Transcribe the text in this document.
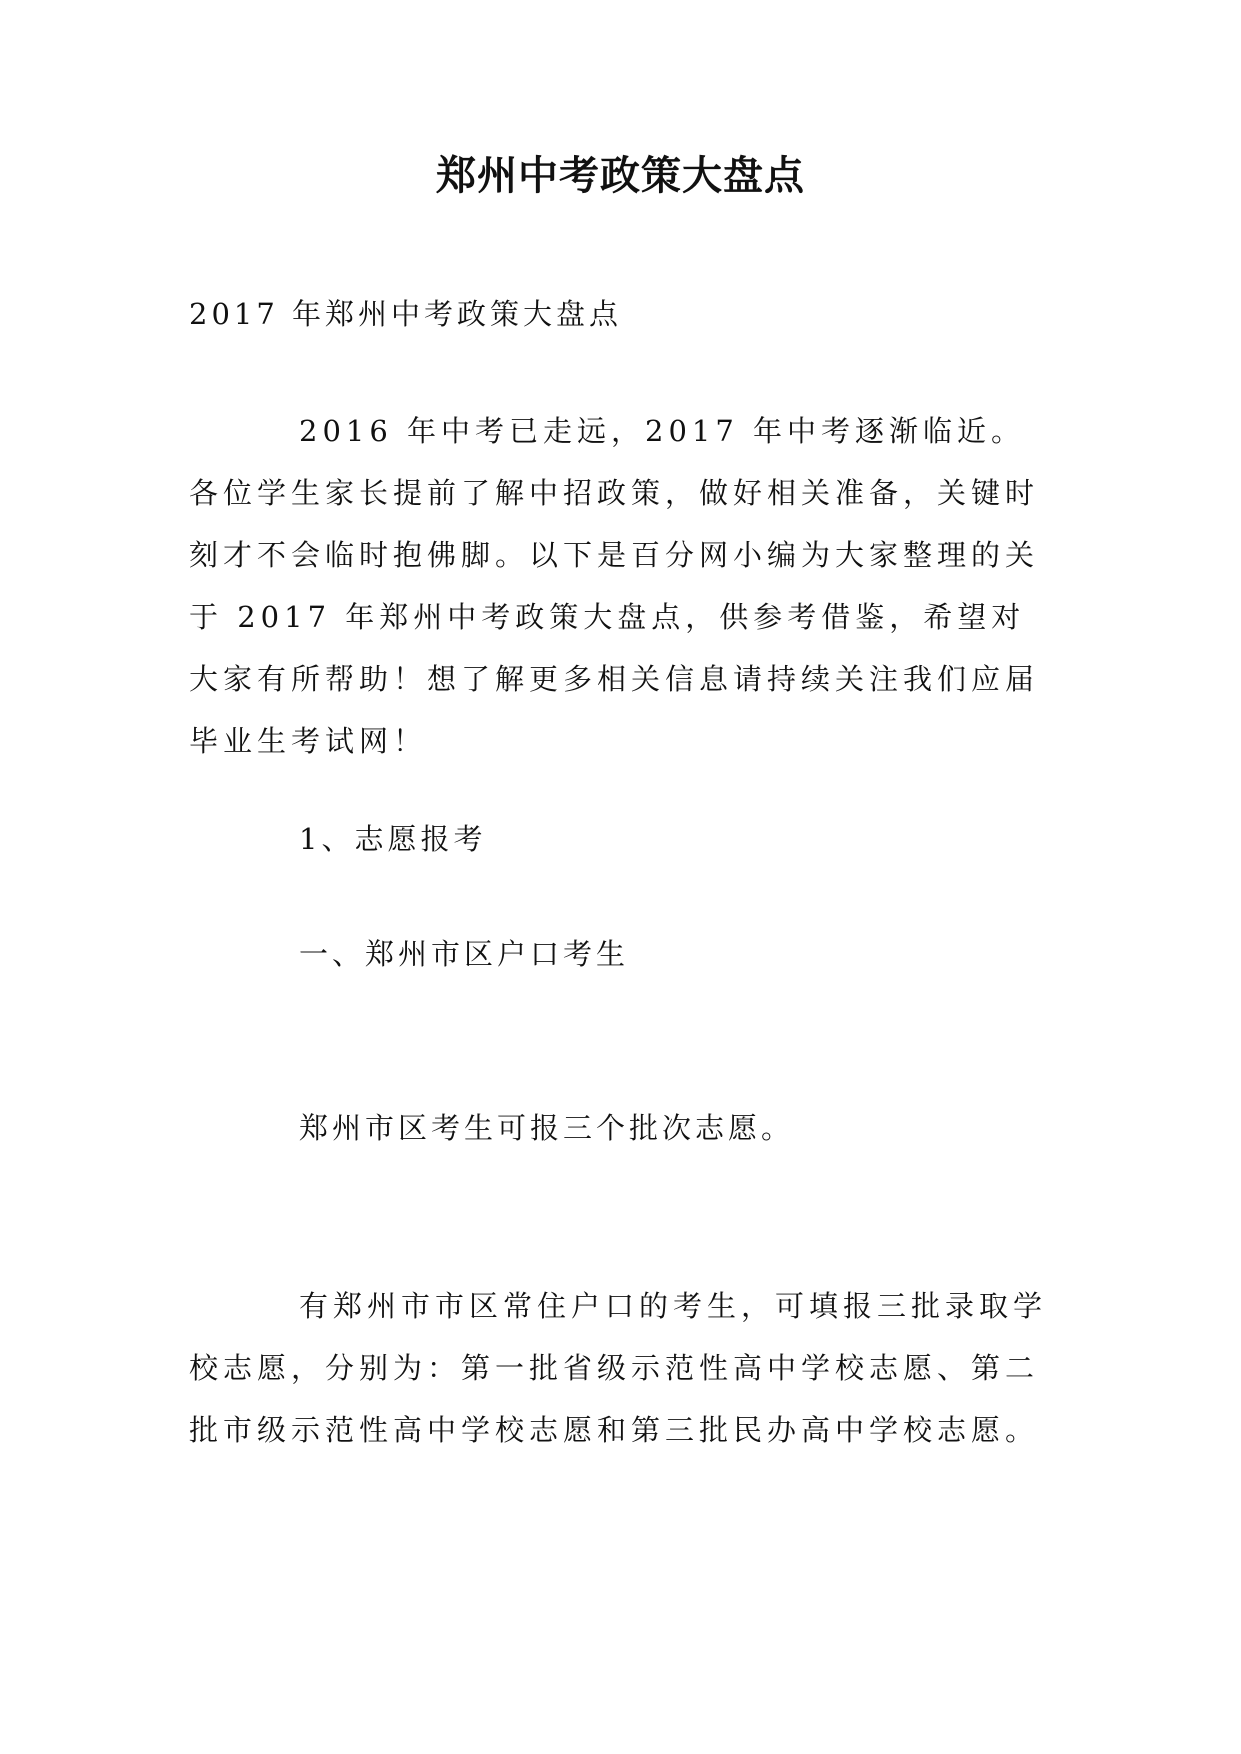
郑州中考政策大盘点
2017 年郑州中考政策大盘点
2016 年中考已走远，2017 年中考逐渐临近。各位学生家长提前了解中招政策，做好相关准备，关键时刻才不会临时抱佛脚。以下是百分网小编为大家整理的关于 2017 年郑州中考政策大盘点，供参考借鉴，希望对大家有所帮助！想了解更多相关信息请持续关注我们应届毕业生考试网！
1、志愿报考
一、郑州市区户口考生
郑州市区考生可报三个批次志愿。
有郑州市市区常住户口的考生，可填报三批录取学校志愿，分别为：第一批省级示范性高中学校志愿、第二批市级示范性高中学校志愿和第三批民办高中学校志愿。
